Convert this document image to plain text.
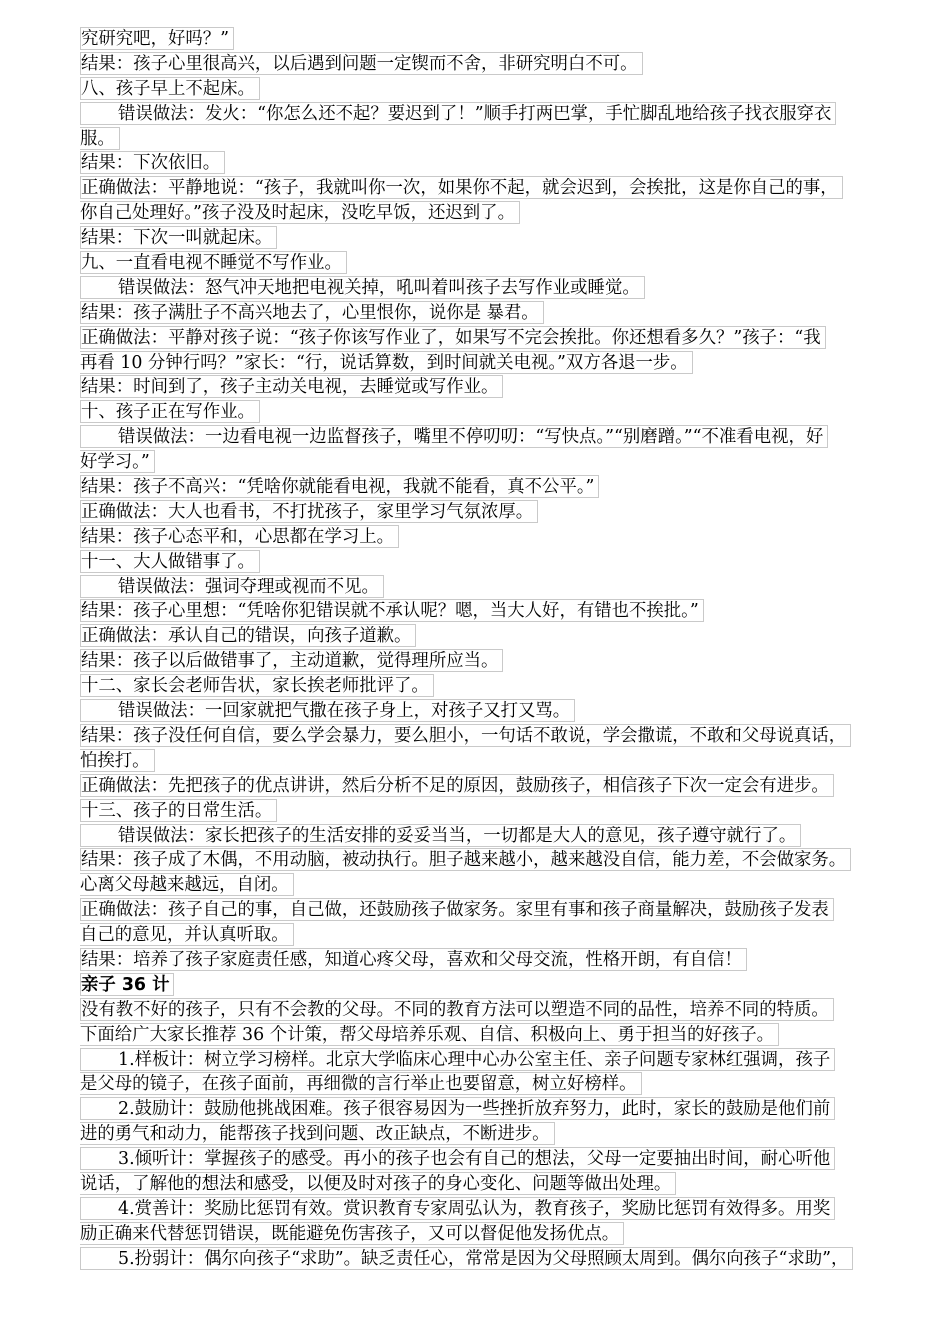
究研究吧，好吗？”
结果：孩子心里很高兴，以后遇到问题一定锲而不舍，非研究明白不可。
八、孩子早上不起床。
错误做法：发火：“你怎么还不起？要迟到了！”顺手打两巴掌，手忙脚乱地给孩子找衣服穿衣
服。
结果：下次依旧。
正确做法：平静地说：“孩子，我就叫你一次，如果你不起，就会迟到，会挨批，这是你自己的事，
你自己处理好。”孩子没及时起床，没吃早饭，还迟到了。
结果：下次一叫就起床。
九、一直看电视不睡觉不写作业。
错误做法：怒气冲天地把电视关掉，吼叫着叫孩子去写作业或睡觉。
结果：孩子满肚子不高兴地去了，心里恨你，说你是 暴君。
正确做法：平静对孩子说：“孩子你该写作业了，如果写不完会挨批。你还想看多久？”孩子：“我
再看 10 分钟行吗？”家长：“行，说话算数，到时间就关电视。”双方各退一步。
结果：时间到了，孩子主动关电视，去睡觉或写作业。
十、孩子正在写作业。
错误做法：一边看电视一边监督孩子，嘴里不停叨叨：“写快点。”“别磨蹭。”“不准看电视，好
好学习。”
结果：孩子不高兴：“凭啥你就能看电视，我就不能看，真不公平。”
正确做法：大人也看书，不打扰孩子，家里学习气氛浓厚。
结果：孩子心态平和，心思都在学习上。
十一、大人做错事了。
错误做法：强词夺理或视而不见。
结果：孩子心里想：“凭啥你犯错误就不承认呢？嗯，当大人好，有错也不挨批。”
正确做法：承认自己的错误，向孩子道歉。
结果：孩子以后做错事了，主动道歉，觉得理所应当。
十二、家长会老师告状，家长挨老师批评了。
错误做法：一回家就把气撒在孩子身上，对孩子又打又骂。
结果：孩子没任何自信，要么学会暴力，要么胆小，一句话不敢说，学会撒谎，不敢和父母说真话，
怕挨打。
正确做法：先把孩子的优点讲讲，然后分析不足的原因，鼓励孩子，相信孩子下次一定会有进步。
十三、孩子的日常生活。
错误做法：家长把孩子的生活安排的妥妥当当，一切都是大人的意见，孩子遵守就行了。
结果：孩子成了木偶，不用动脑，被动执行。胆子越来越小，越来越没自信，能力差，不会做家务。
心离父母越来越远，自闭。
正确做法：孩子自己的事，自己做，还鼓励孩子做家务。家里有事和孩子商量解决，鼓励孩子发表
自己的意见，并认真听取。
结果：培养了孩子家庭责任感，知道心疼父母，喜欢和父母交流，性格开朗，有自信！
亲子 36 计
没有教不好的孩子，只有不会教的父母。不同的教育方法可以塑造不同的品性，培养不同的特质。
下面给广大家长推荐 36 个计策，帮父母培养乐观、自信、积极向上、勇于担当的好孩子。
1.样板计：树立学习榜样。北京大学临床心理中心办公室主任、亲子问题专家林红强调，孩子
是父母的镜子，在孩子面前，再细微的言行举止也要留意，树立好榜样。
2.鼓励计：鼓励他挑战困难。孩子很容易因为一些挫折放弃努力，此时，家长的鼓励是他们前
进的勇气和动力，能帮孩子找到问题、改正缺点，不断进步。
3.倾听计：掌握孩子的感受。再小的孩子也会有自己的想法，父母一定要抽出时间，耐心听他
说话，了解他的想法和感受，以便及时对孩子的身心变化、问题等做出处理。
4.赏善计：奖励比惩罚有效。赏识教育专家周弘认为，教育孩子，奖励比惩罚有效得多。用奖
励正确来代替惩罚错误，既能避免伤害孩子，又可以督促他发扬优点。
5.扮弱计：偶尔向孩子“求助”。缺乏责任心，常常是因为父母照顾太周到。偶尔向孩子“求助”，
